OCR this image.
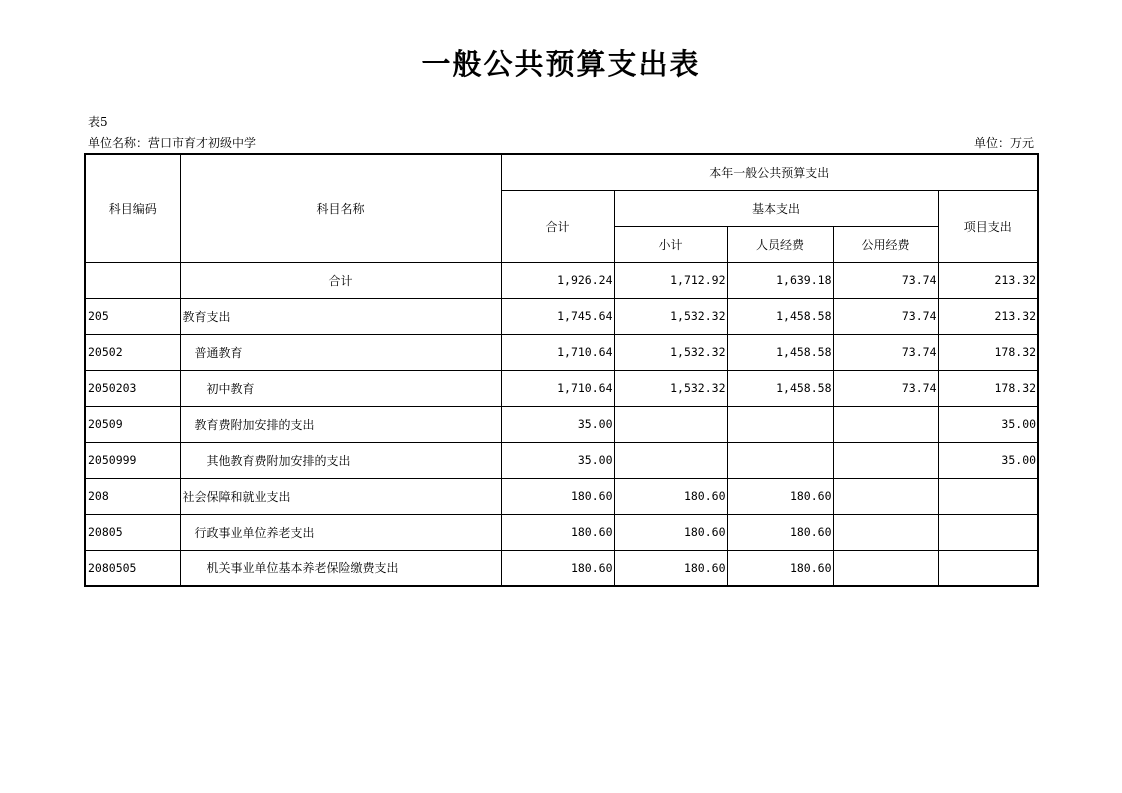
一般公共预算支出表
表5
单位名称：营口市育才初级中学	单位：万元
科目编码	科目名称	本年一般公共预算支出				
		合计	基本支出			项目支出
			小计	人员经费	公用经费	
	合计	1,926.24	1,712.92	1,639.18	73.74	213.32
205	教育支出	1,745.64	1,532.32	1,458.58	73.74	213.32
20502	普通教育	1,710.64	1,532.32	1,458.58	73.74	178.32
2050203	初中教育	1,710.64	1,532.32	1,458.58	73.74	178.32
20509	教育费附加安排的支出	35.00				35.00
2050999	其他教育费附加安排的支出	35.00				35.00
208	社会保障和就业支出	180.60	180.60	180.60		
20805	行政事业单位养老支出	180.60	180.60	180.60		
2080505	机关事业单位基本养老保险缴费支出	180.60	180.60	180.60		
